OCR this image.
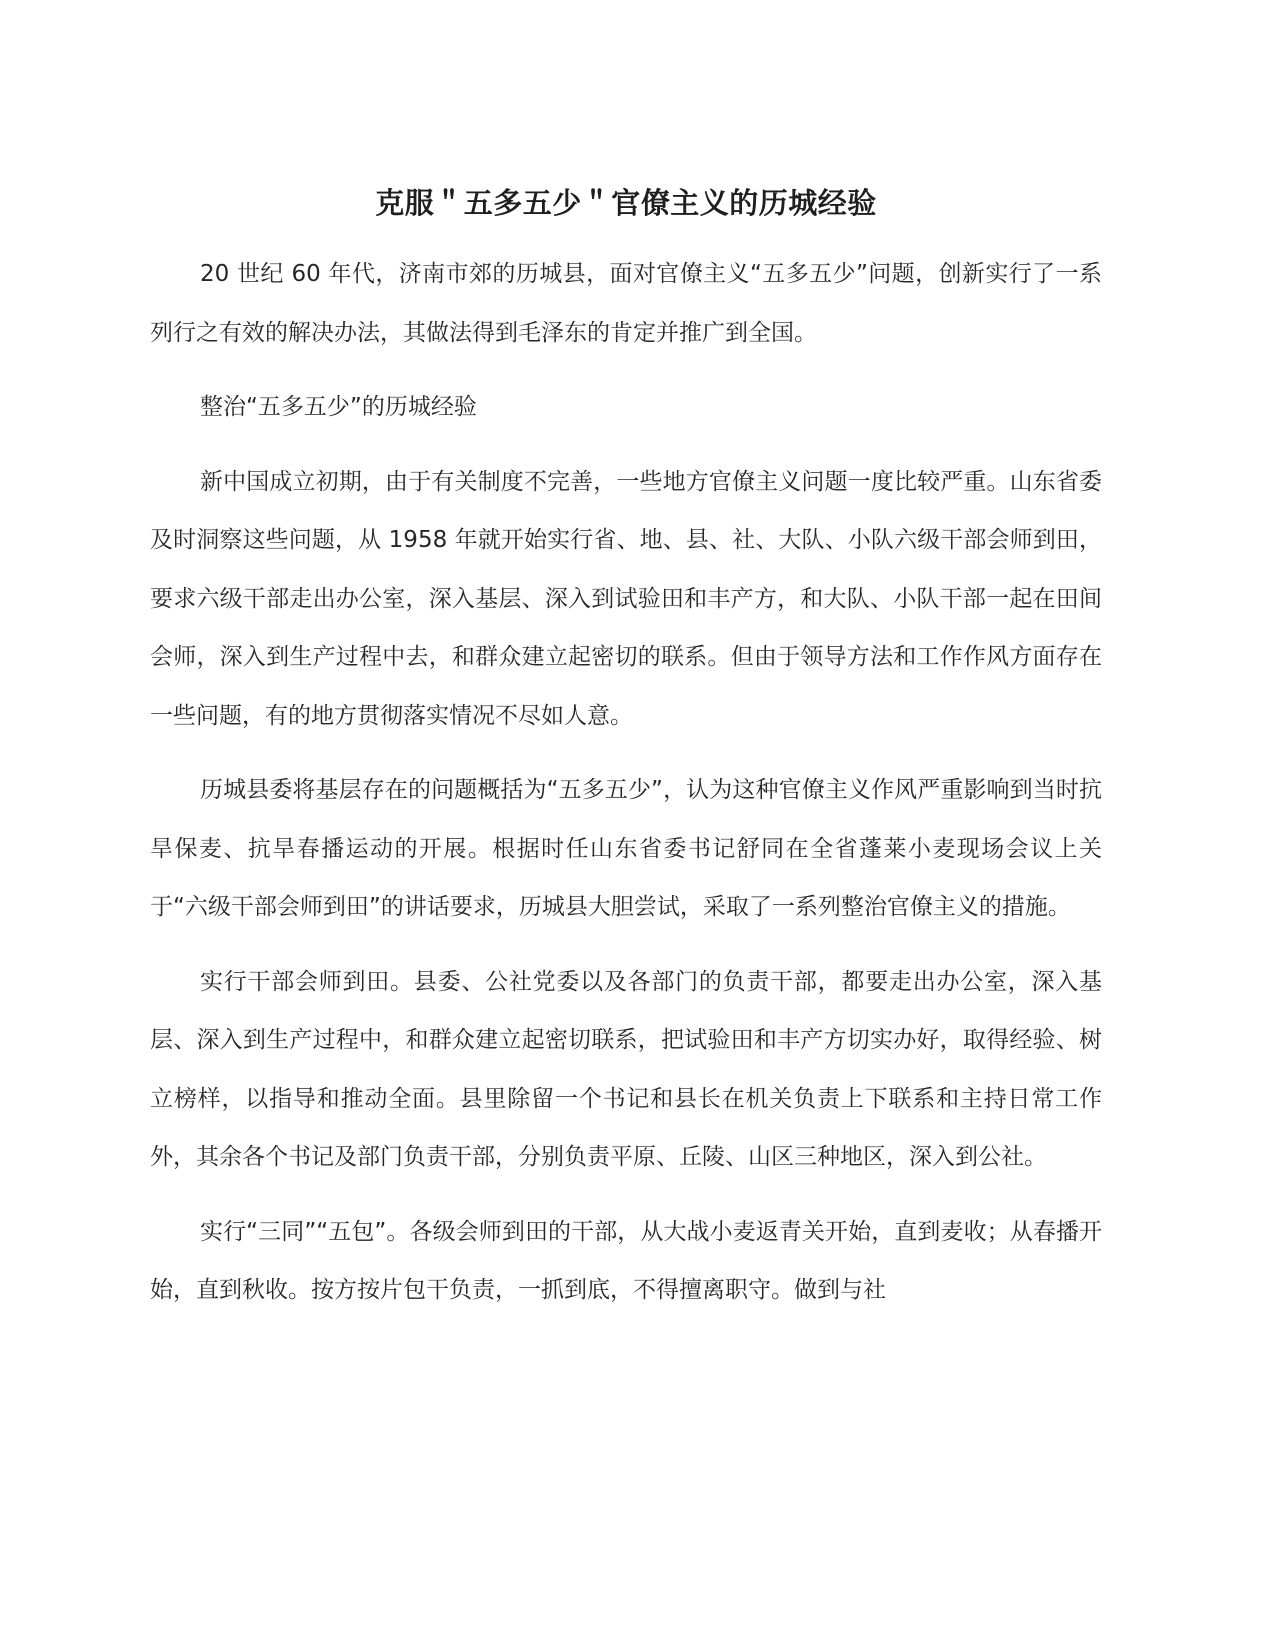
克服＂五多五少＂官僚主义的历城经验

20 世纪 60 年代，济南市郊的历城县，面对官僚主义“五多五少”问题，创新实行了一系列行之有效的解决办法，其做法得到毛泽东的肯定并推广到全国。

整治“五多五少”的历城经验

新中国成立初期，由于有关制度不完善，一些地方官僚主义问题一度比较严重。山东省委及时洞察这些问题，从 1958 年就开始实行省、地、县、社、大队、小队六级干部会师到田，要求六级干部走出办公室，深入基层、深入到试验田和丰产方，和大队、小队干部一起在田间会师，深入到生产过程中去，和群众建立起密切的联系。但由于领导方法和工作作风方面存在一些问题，有的地方贯彻落实情况不尽如人意。

历城县委将基层存在的问题概括为“五多五少”，认为这种官僚主义作风严重影响到当时抗旱保麦、抗旱春播运动的开展。根据时任山东省委书记舒同在全省蓬莱小麦现场会议上关于“六级干部会师到田”的讲话要求，历城县大胆尝试，采取了一系列整治官僚主义的措施。

实行干部会师到田。县委、公社党委以及各部门的负责干部，都要走出办公室，深入基层、深入到生产过程中，和群众建立起密切联系，把试验田和丰产方切实办好，取得经验、树立榜样，以指导和推动全面。县里除留一个书记和县长在机关负责上下联系和主持日常工作外，其余各个书记及部门负责干部，分别负责平原、丘陵、山区三种地区，深入到公社。

实行“三同”“五包”。各级会师到田的干部，从大战小麦返青关开始，直到麦收；从春播开始，直到秋收。按方按片包干负责，一抓到底，不得擅离职守。做到与社
